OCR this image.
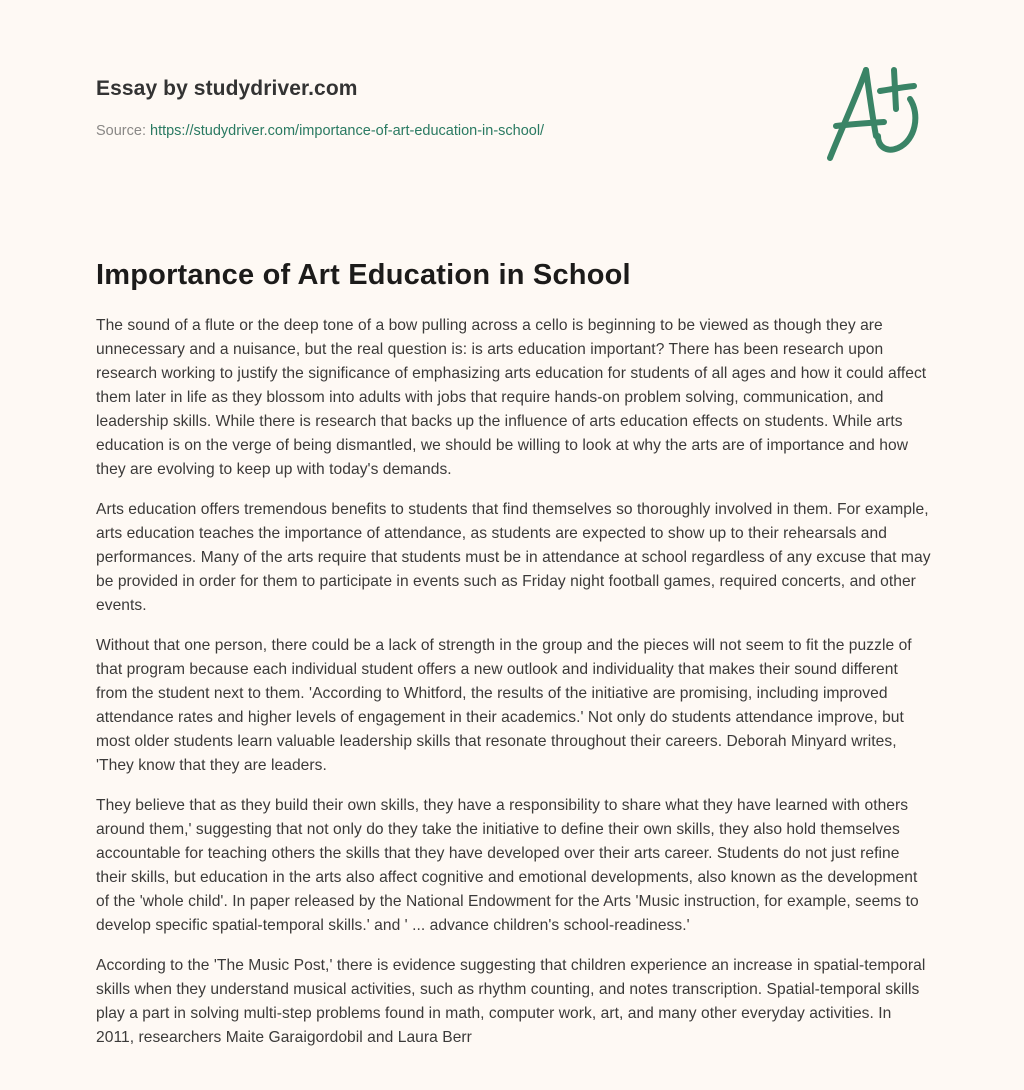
Essay by studydriver.com
Source: https://studydriver.com/importance-of-art-education-in-school/
Importance of Art Education in School

The sound of a flute or the deep tone of a bow pulling across a cello is beginning to be viewed as though they are unnecessary and a nuisance, but the real question is: is arts education important? There has been research upon research working to justify the significance of emphasizing arts education for students of all ages and how it could affect them later in life as they blossom into adults with jobs that require hands-on problem solving, communication, and leadership skills. While there is research that backs up the influence of arts education effects on students. While arts education is on the verge of being dismantled, we should be willing to look at why the arts are of importance and how they are evolving to keep up with today's demands.

Arts education offers tremendous benefits to students that find themselves so thoroughly involved in them. For example, arts education teaches the importance of attendance, as students are expected to show up to their rehearsals and performances. Many of the arts require that students must be in attendance at school regardless of any excuse that may be provided in order for them to participate in events such as Friday night football games, required concerts, and other events.

Without that one person, there could be a lack of strength in the group and the pieces will not seem to fit the puzzle of that program because each individual student offers a new outlook and individuality that makes their sound different from the student next to them. 'According to Whitford, the results of the initiative are promising, including improved attendance rates and higher levels of engagement in their academics.' Not only do students attendance improve, but most older students learn valuable leadership skills that resonate throughout their careers. Deborah Minyard writes, 'They know that they are leaders.

They believe that as they build their own skills, they have a responsibility to share what they have learned with others around them,' suggesting that not only do they take the initiative to define their own skills, they also hold themselves accountable for teaching others the skills that they have developed over their arts career. Students do not just refine their skills, but education in the arts also affect cognitive and emotional developments, also known as the development of the 'whole child'. In paper released by the National Endowment for the Arts 'Music instruction, for example, seems to develop specific spatial-temporal skills.' and ' ... advance children's school-readiness.'

According to the 'The Music Post,' there is evidence suggesting that children experience an increase in spatial-temporal skills when they understand musical activities, such as rhythm counting, and notes transcription. Spatial-temporal skills play a part in solving multi-step problems found in math, computer work, art, and many other everyday activities. In 2011, researchers Maite Garaigordobil and Laura Berr
